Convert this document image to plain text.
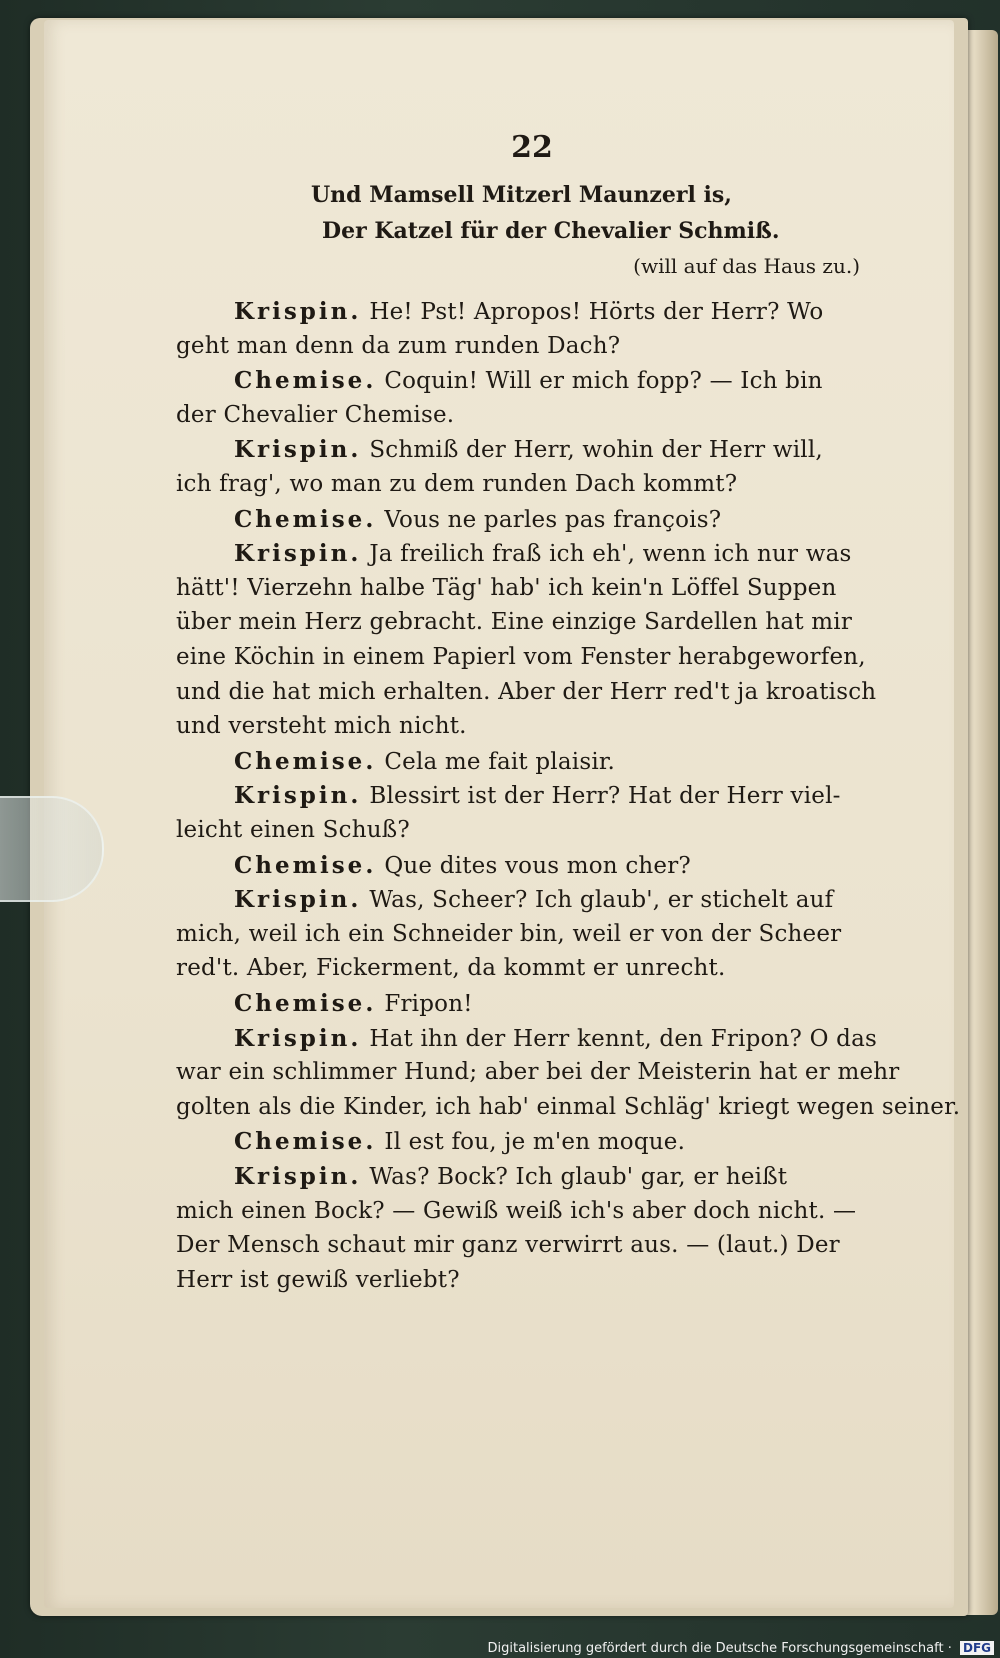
22
Und Mamsell Mitzerl Maunzerl is,
Der Katzel für der Chevalier Schmiß.
(will auf das Haus zu.)
Krispin. He! Pst! Apropos! Hörts der Herr? Wo
geht man denn da zum runden Dach?
Chemise. Coquin! Will er mich fopp? — Ich bin
der Chevalier Chemise.
Krispin. Schmiß der Herr, wohin der Herr will,
ich frag', wo man zu dem runden Dach kommt?
Chemise. Vous ne parles pas françois?
Krispin. Ja freilich fraß ich eh', wenn ich nur was
hätt'! Vierzehn halbe Täg' hab' ich kein'n Löffel Suppen
über mein Herz gebracht. Eine einzige Sardellen hat mir
eine Köchin in einem Papierl vom Fenster herabgeworfen,
und die hat mich erhalten. Aber der Herr red't ja kroatisch
und versteht mich nicht.
Chemise. Cela me fait plaisir.
Krispin. Blessirt ist der Herr? Hat der Herr viel-
leicht einen Schuß?
Chemise. Que dites vous mon cher?
Krispin. Was, Scheer? Ich glaub', er stichelt auf
mich, weil ich ein Schneider bin, weil er von der Scheer
red't. Aber, Fickerment, da kommt er unrecht.
Chemise. Fripon!
Krispin. Hat ihn der Herr kennt, den Fripon? O das
war ein schlimmer Hund; aber bei der Meisterin hat er mehr
golten als die Kinder, ich hab' einmal Schläg' kriegt wegen seiner.
Chemise. Il est fou, je m'en moque.
Krispin. Was? Bock? Ich glaub' gar, er heißt
mich einen Bock? — Gewiß weiß ich's aber doch nicht. —
Der Mensch schaut mir ganz verwirrt aus. — (laut.) Der
Herr ist gewiß verliebt?
Digitalisierung gefördert durch die Deutsche Forschungsgemeinschaft · DFG
